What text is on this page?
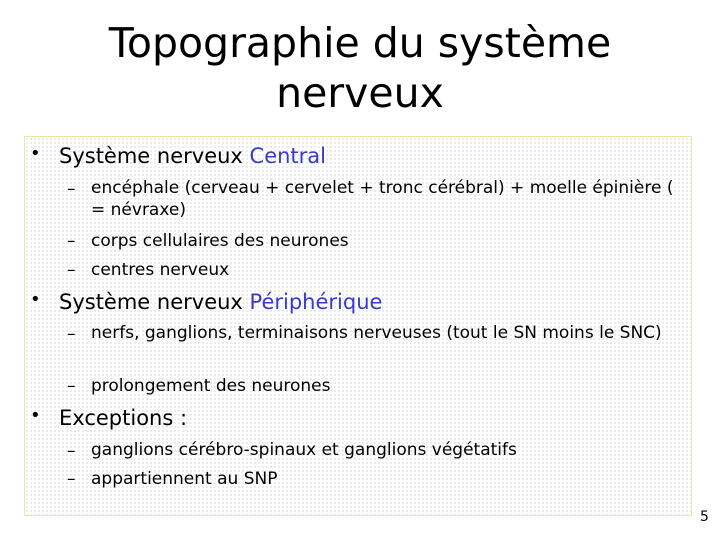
Topographie du système nerveux
• Système nerveux Central
– encéphale (cerveau + cervelet + tronc cérébral) + moelle épinière ( = névraxe)
– corps cellulaires des neurones
– centres nerveux
• Système nerveux Périphérique
– nerfs, ganglions, terminaisons nerveuses (tout le SN moins le SNC)
– prolongement des neurones
• Exceptions :
– ganglions cérébro-spinaux et ganglions végétatifs
– appartiennent au SNP
5
